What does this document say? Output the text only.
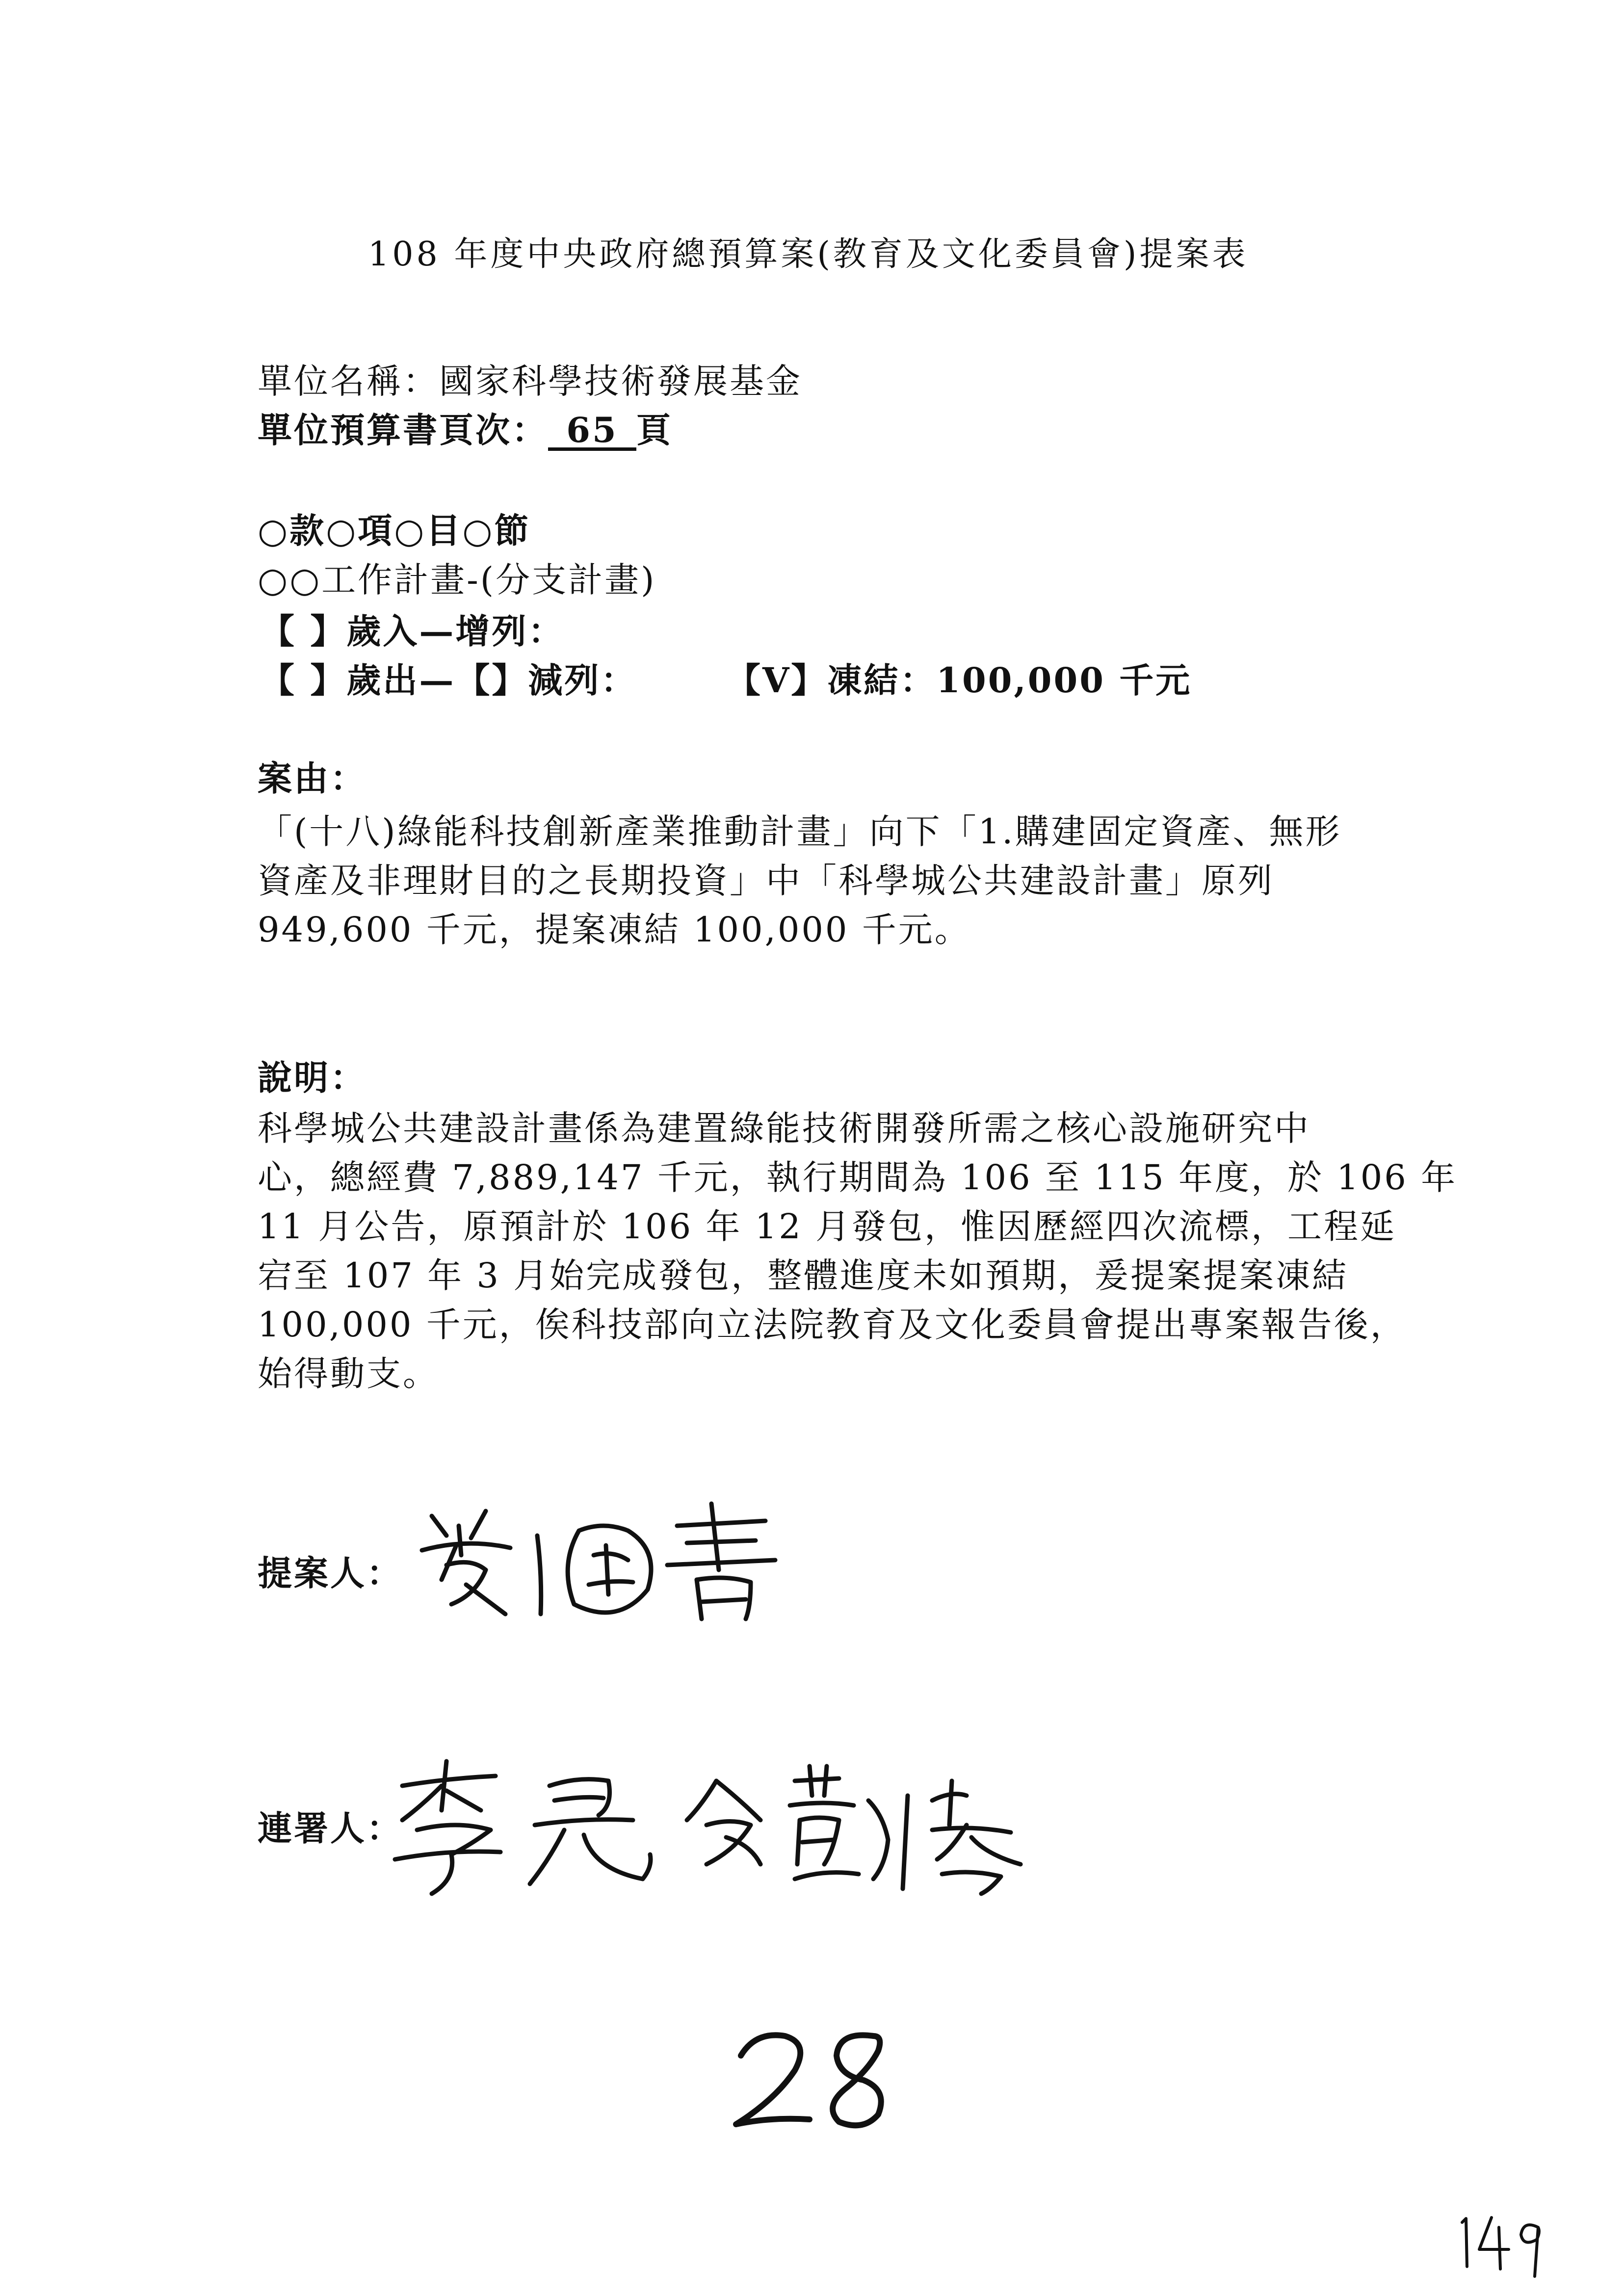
108 年度中央政府總預算案(教育及文化委員會)提案表
單位名稱：國家科學技術發展基金
單位預算書頁次： 65 頁
○款○項○目○節
○○工作計畫-(分支計畫)
【 】歲入—增列：
【 】歲出—【】減列：	【V】凍結：100,000 千元
案由：
「(十八)綠能科技創新產業推動計畫」向下「1.購建固定資產、無形
資產及非理財目的之長期投資」中「科學城公共建設計畫」原列
949,600 千元，提案凍結 100,000 千元。
說明：
科學城公共建設計畫係為建置綠能技術開發所需之核心設施研究中
心，總經費 7,889,147 千元，執行期間為 106 至 115 年度，於 106 年
11 月公告，原預計於 106 年 12 月發包，惟因歷經四次流標，工程延
宕至 107 年 3 月始完成發包，整體進度未如預期，爰提案提案凍結
100,000 千元，俟科技部向立法院教育及文化委員會提出專案報告後，
始得動支。
提案人：
連署人：
